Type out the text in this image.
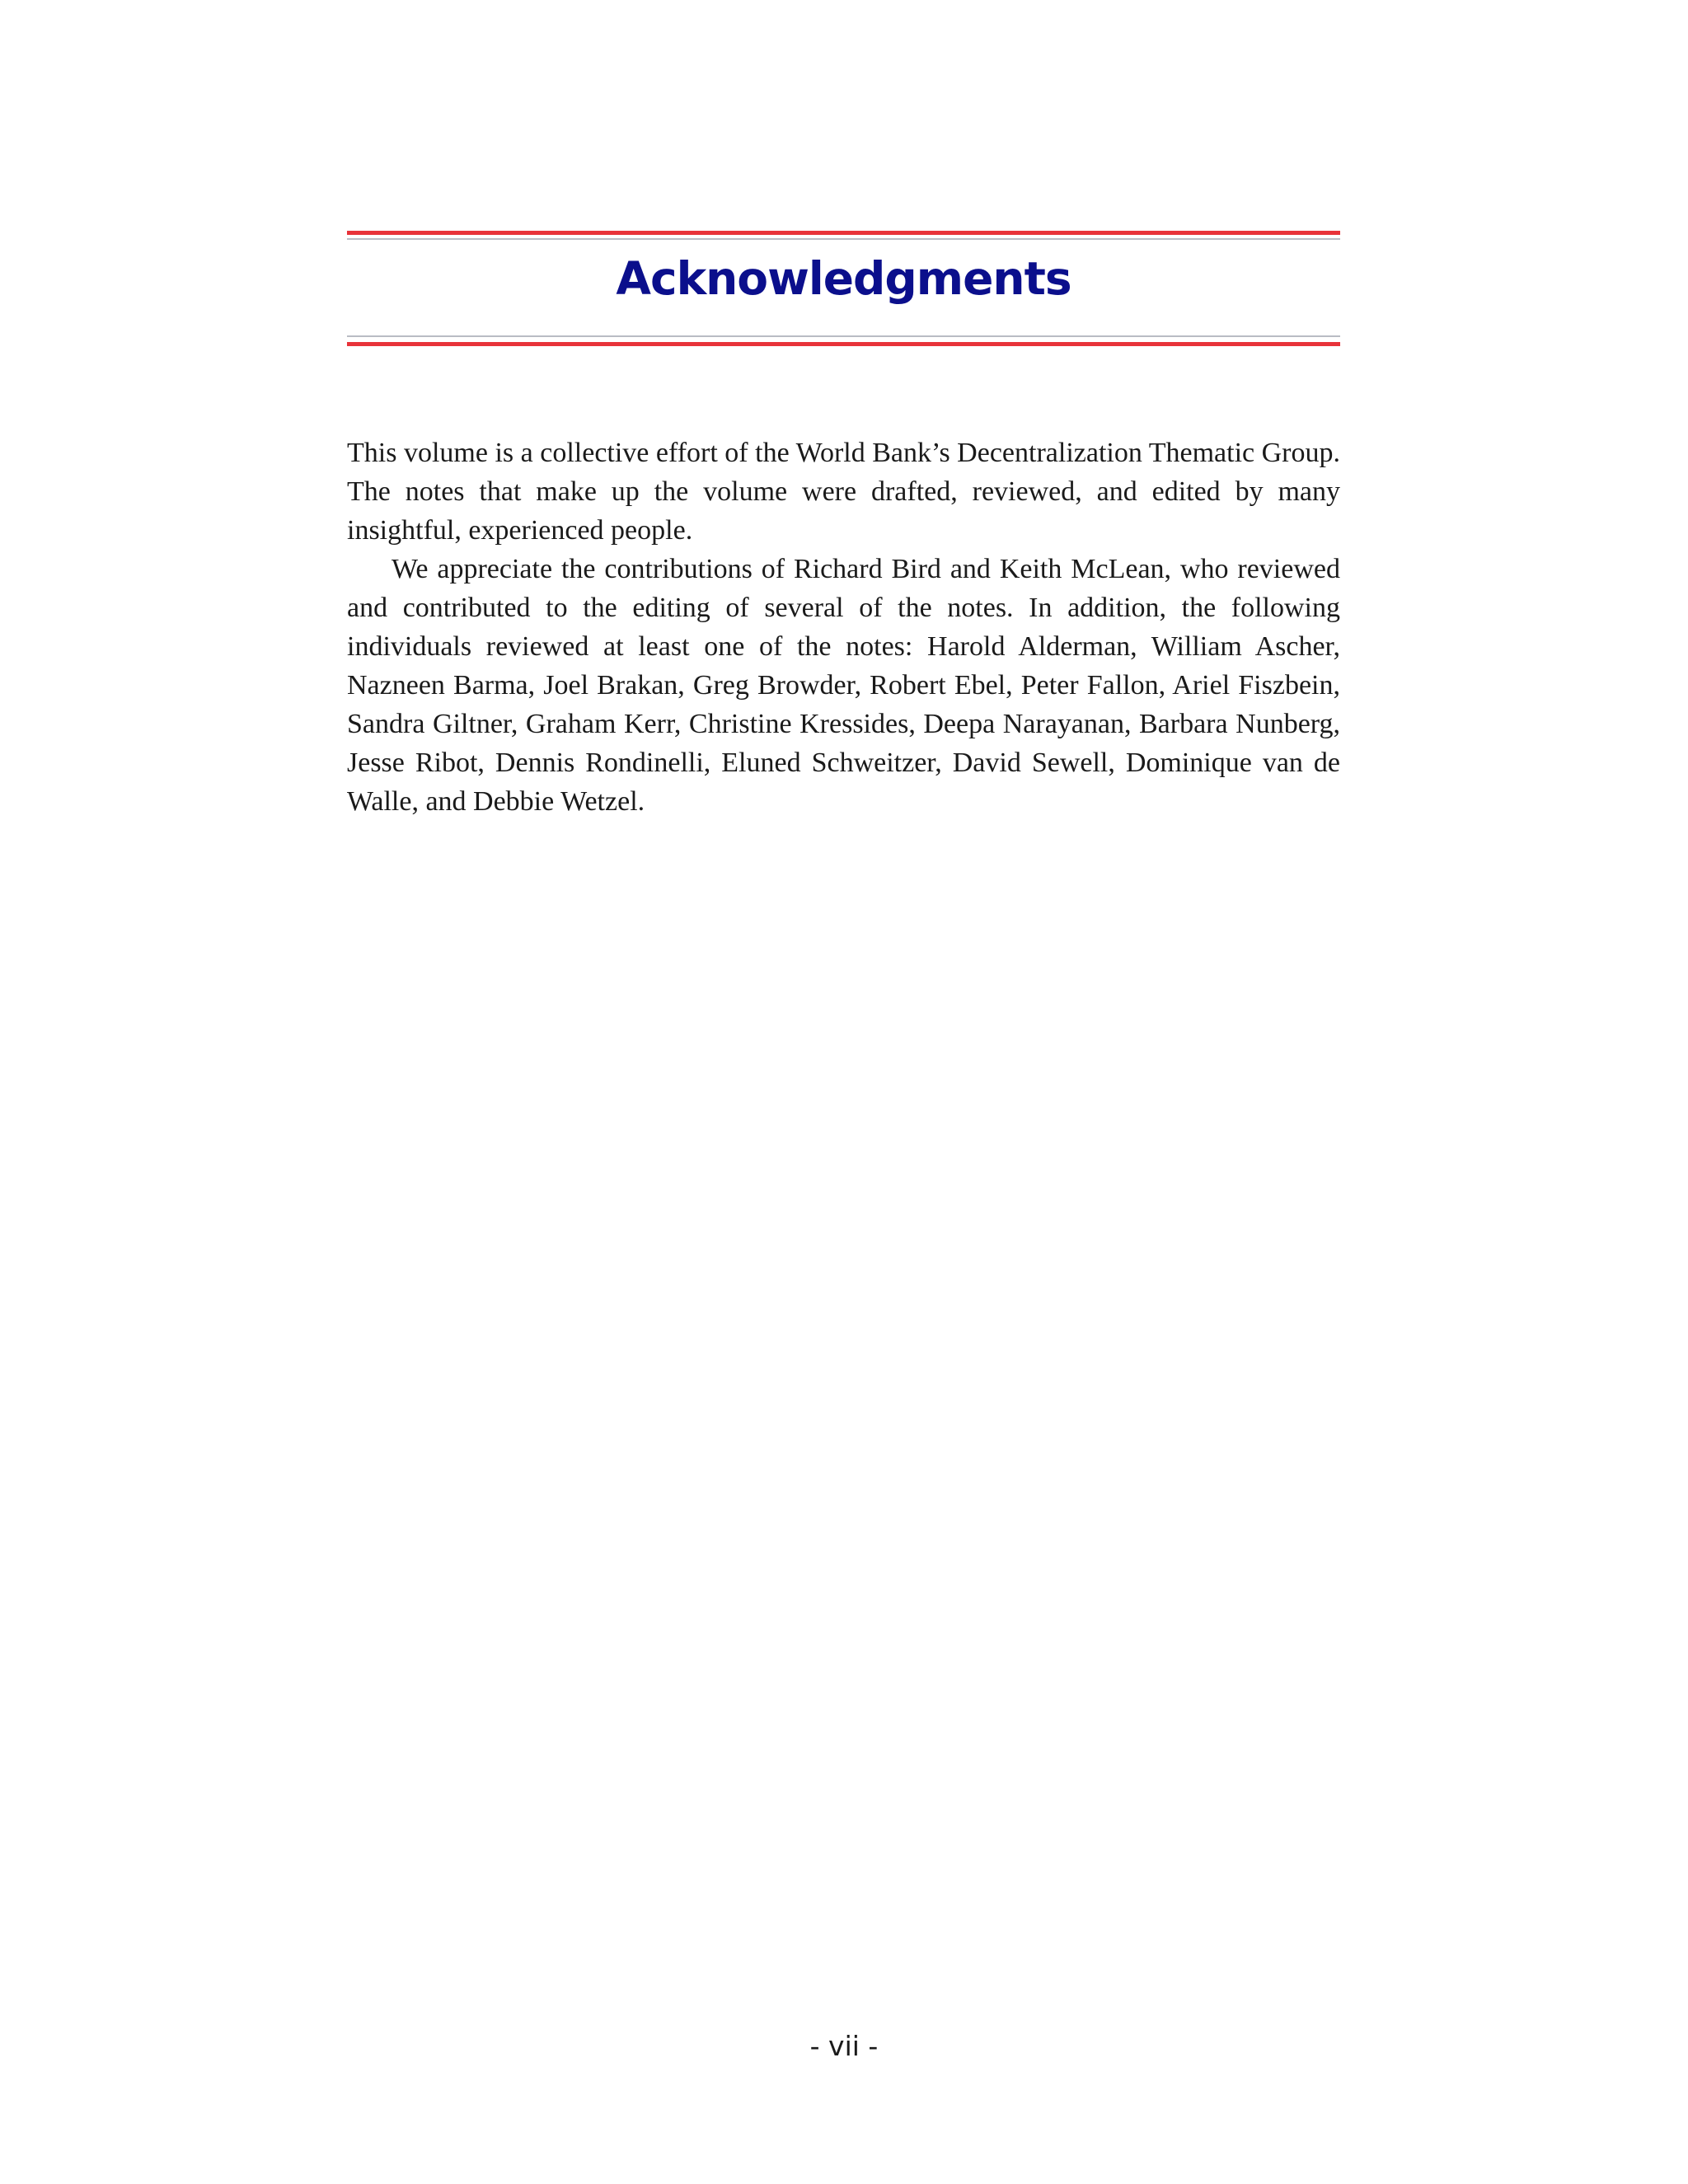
Acknowledgments

This volume is a collective effort of the World Bank’s Decentralization Thematic Group. The notes that make up the volume were drafted, reviewed, and edited by many insightful, experienced people.

We appreciate the contributions of Richard Bird and Keith McLean, who reviewed and contributed to the editing of several of the notes. In addition, the following individuals reviewed at least one of the notes: Harold Alderman, William Ascher, Nazneen Barma, Joel Brakan, Greg Browder, Robert Ebel, Peter Fallon, Ariel Fiszbein, Sandra Giltner, Graham Kerr, Christine Kressides, Deepa Narayanan, Barbara Nunberg, Jesse Ribot, Dennis Rondinelli, Eluned Schweitzer, David Sewell, Dominique van de Walle, and Debbie Wetzel.

- vii -
